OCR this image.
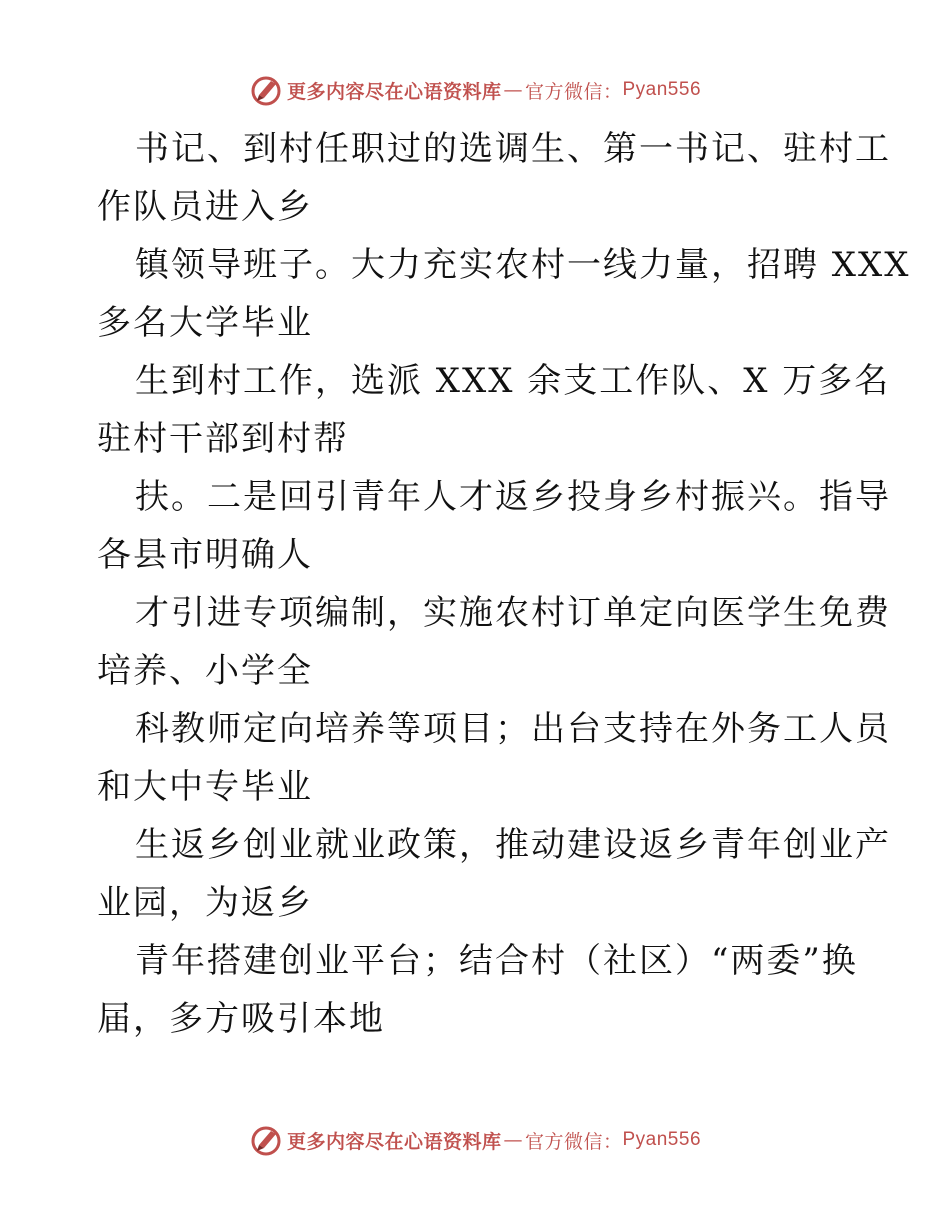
更多内容尽在心语资料库 — 官方微信： Pyan556
书记、到村任职过的选调生、第一书记、驻村工
作队员进入乡
镇领导班子。大力充实农村一线力量，招聘 XXX
多名大学毕业
生到村工作，选派 XXX 余支工作队、X 万多名
驻村干部到村帮
扶。二是回引青年人才返乡投身乡村振兴。指导
各县市明确人
才引进专项编制，实施农村订单定向医学生免费
培养、小学全
科教师定向培养等项目；出台支持在外务工人员
和大中专毕业
生返乡创业就业政策，推动建设返乡青年创业产
业园，为返乡
青年搭建创业平台；结合村（社区）“两委”换
届，多方吸引本地
更多内容尽在心语资料库 — 官方微信： Pyan556
